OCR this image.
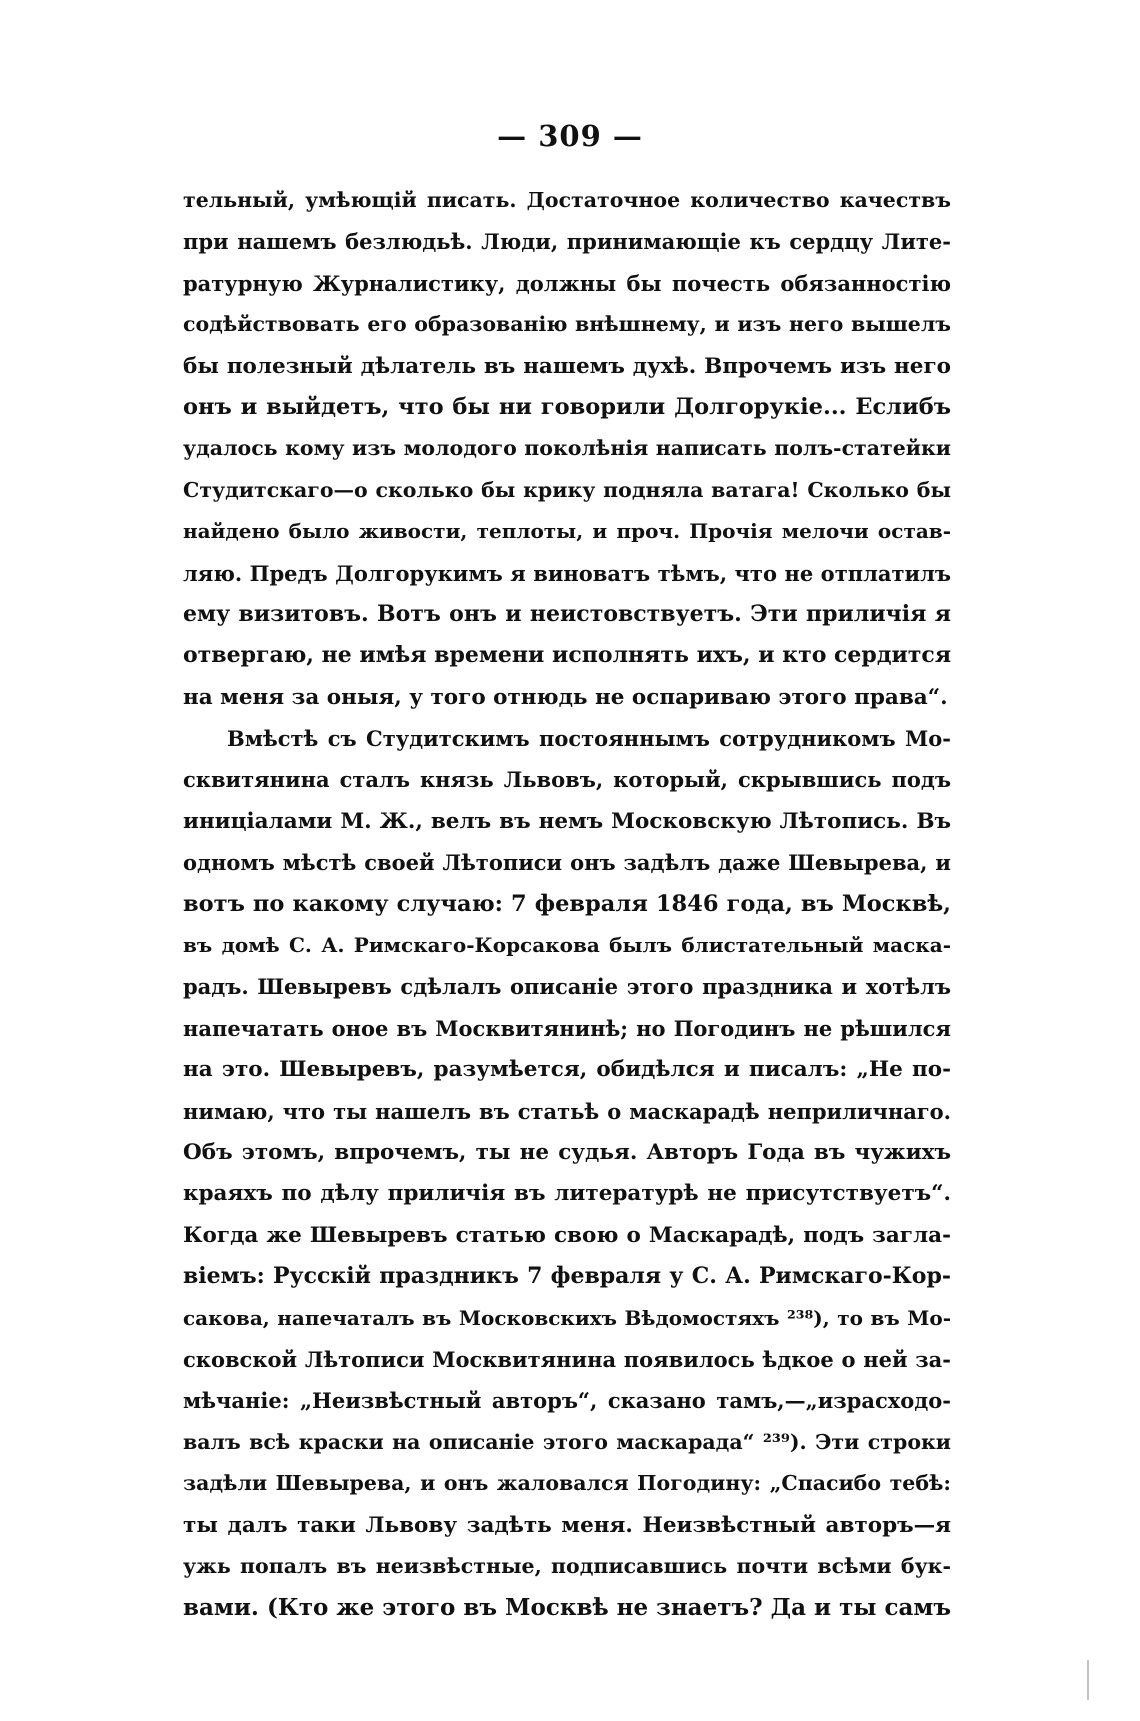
— 309 —
тельный, умѣющій писать. Достаточное количество качествъ
при нашемъ безлюдьѣ. Люди, принимающіе къ сердцу Лите-
ратурную Журналистику, должны бы почесть обязанностію
содѣйствовать его образованію внѣшнему, и изъ него вышелъ
бы полезный дѣлатель въ нашемъ духѣ. Впрочемъ изъ него
онъ и выйдетъ, что бы ни говорили Долгорукіе... Еслибъ
удалось кому изъ молодого поколѣнія написать полъ-статейки
Студитскаго—о сколько бы крику подняла ватага! Сколько бы
найдено было живости, теплоты, и проч. Прочія мелочи остав-
ляю. Предъ Долгорукимъ я виноватъ тѣмъ, что не отплатилъ
ему визитовъ. Вотъ онъ и неистовствуетъ. Эти приличія я
отвергаю, не имѣя времени исполнять ихъ, и кто сердится
на меня за оныя, у того отнюдь не оспариваю этого права“.
Вмѣстѣ съ Студитскимъ постояннымъ сотрудникомъ Мо-
сквитянина сталъ князь Львовъ, который, скрывшись подъ
иниціалами М. Ж., велъ въ немъ Московскую Лѣтопись. Въ
одномъ мѣстѣ своей Лѣтописи онъ задѣлъ даже Шевырева, и
вотъ по какому случаю: 7 февраля 1846 года, въ Москвѣ,
въ домѣ С. А. Римскаго-Корсакова былъ блистательный маска-
радъ. Шевыревъ сдѣлалъ описаніе этого праздника и хотѣлъ
напечатать оное въ Москвитянинѣ; но Погодинъ не рѣшился
на это. Шевыревъ, разумѣется, обидѣлся и писалъ: „Не по-
нимаю, что ты нашелъ въ статьѣ о маскарадѣ неприличнаго.
Объ этомъ, впрочемъ, ты не судья. Авторъ Года въ чужихъ
краяхъ по дѣлу приличія въ литературѣ не присутствуетъ“.
Когда же Шевыревъ статью свою о Маскарадѣ, подъ загла-
віемъ: Русскій праздникъ 7 февраля у С. А. Римскаго-Кор-
сакова, напечаталъ въ Московскихъ Вѣдомостяхъ ²³⁸), то въ Мо-
сковской Лѣтописи Москвитянина появилось ѣдкое о ней за-
мѣчаніе: „Неизвѣстный авторъ“, сказано тамъ,—„израсходо-
валъ всѣ краски на описаніе этого маскарада“ ²³⁹). Эти строки
задѣли Шевырева, и онъ жаловался Погодину: „Спасибо тебѣ:
ты далъ таки Львову задѣть меня. Неизвѣстный авторъ—я
ужь попалъ въ неизвѣстные, подписавшись почти всѣми бук-
вами. (Кто же этого въ Москвѣ не знаетъ? Да и ты самъ
